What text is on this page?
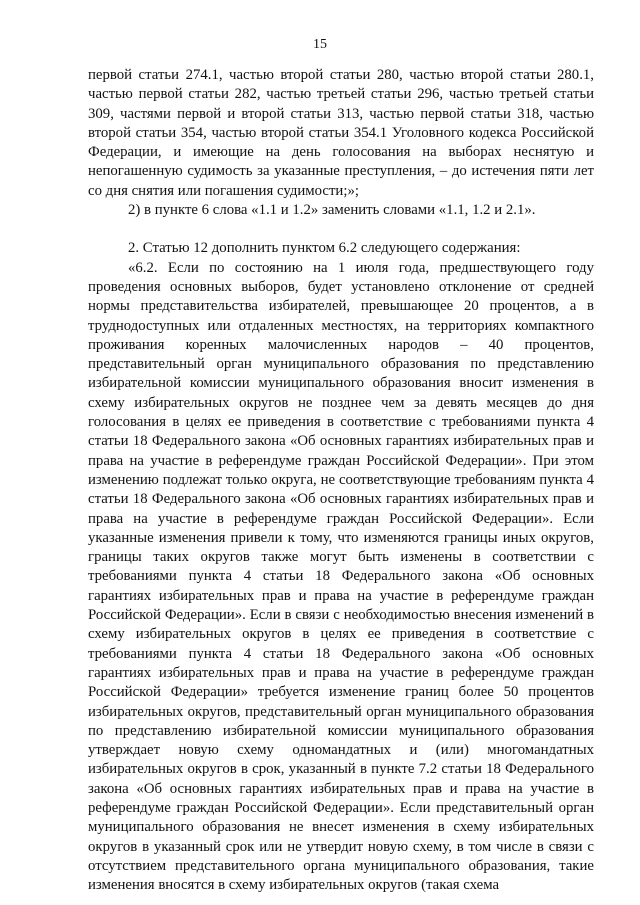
15

первой статьи 274.1, частью второй статьи 280, частью второй статьи 280.1, частью первой статьи 282, частью третьей статьи 296, частью третьей статьи 309, частями первой и второй статьи 313, частью первой статьи 318, частью второй статьи 354, частью второй статьи 354.1 Уголовного кодекса Российской Федерации, и имеющие на день голосования на выборах неснятую и непогашенную судимость за указанные преступления, – до истечения пяти лет со дня снятия или погашения судимости;»;

2) в пункте 6 слова «1.1 и 1.2» заменить словами «1.1, 1.2 и 2.1».

2. Статью 12 дополнить пунктом 6.2 следующего содержания:

«6.2. Если по состоянию на 1 июля года, предшествующего году проведения основных выборов, будет установлено отклонение от средней нормы представительства избирателей, превышающее 20 процентов, а в труднодоступных или отдаленных местностях, на территориях компактного проживания коренных малочисленных народов – 40 процентов, представительный орган муниципального образования по представлению избирательной комиссии муниципального образования вносит изменения в схему избирательных округов не позднее чем за девять месяцев до дня голосования в целях ее приведения в соответствие с требованиями пункта 4 статьи 18 Федерального закона «Об основных гарантиях избирательных прав и права на участие в референдуме граждан Российской Федерации». При этом изменению подлежат только округа, не соответствующие требованиям пункта 4 статьи 18 Федерального закона «Об основных гарантиях избирательных прав и права на участие в референдуме граждан Российской Федерации». Если указанные изменения привели к тому, что изменяются границы иных округов, границы таких округов также могут быть изменены в соответствии с требованиями пункта 4 статьи 18 Федерального закона «Об основных гарантиях избирательных прав и права на участие в референдуме граждан Российской Федерации». Если в связи с необходимостью внесения изменений в схему избирательных округов в целях ее приведения в соответствие с требованиями пункта 4 статьи 18 Федерального закона «Об основных гарантиях избирательных прав и права на участие в референдуме граждан Российской Федерации» требуется изменение границ более 50 процентов избирательных округов, представительный орган муниципального образования по представлению избирательной комиссии муниципального образования утверждает новую схему одномандатных и (или) многомандатных избирательных округов в срок, указанный в пункте 7.2 статьи 18 Федерального закона «Об основных гарантиях избирательных прав и права на участие в референдуме граждан Российской Федерации». Если представительный орган муниципального образования не внесет изменения в схему избирательных округов в указанный срок или не утвердит новую схему, в том числе в связи с отсутствием представительного органа муниципального образования, такие изменения вносятся в схему избирательных округов (такая схема
